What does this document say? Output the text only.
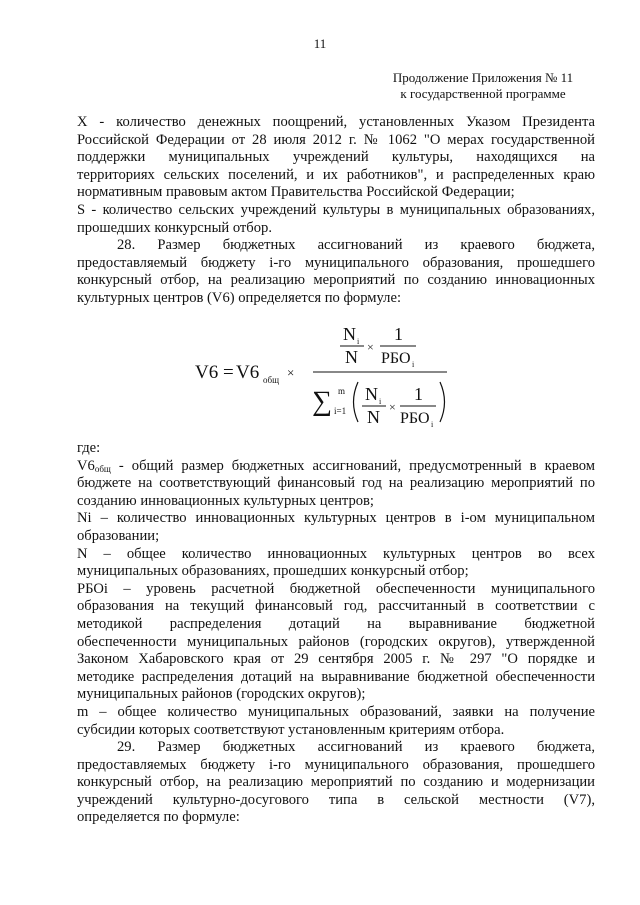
11
Продолжение Приложения № 11
к государственной программе
X - количество денежных поощрений, установленных Указом Президента
Российской Федерации от 28 июля 2012 г. № 1062 "О мерах государственной
поддержки муниципальных учреждений культуры, находящихся на
территориях сельских поселений, и их работников", и распределенных краю
нормативным правовым актом Правительства Российской Федерации;
S - количество сельских учреждений культуры в муниципальных образованиях,
прошедших конкурсный отбор.
28. Размер бюджетных ассигнований из краевого бюджета,
предоставляемый бюджету i-го муниципального образования, прошедшего
конкурсный отбор, на реализацию мероприятий по созданию инновационных
культурных центров (V6) определяется по формуле:
V6 = V6 общ ×
N i
N ×
1
РБО i
∑ m
i=1
N i
N ×
1
РБО i
где:
$V6_{общ}$ - общий размер бюджетных ассигнований, предусмотренный в краевом
бюджете на соответствующий финансовый год на реализацию мероприятий по
созданию инновационных культурных центров;
Ni – количество инновационных культурных центров в i-ом муниципальном
образовании;
N – общее количество инновационных культурных центров во всех
муниципальных образованиях, прошедших конкурсный отбор;
РБОi – уровень расчетной бюджетной обеспеченности муниципального
образования на текущий финансовый год, рассчитанный в соответствии с
методикой распределения дотаций на выравнивание бюджетной
обеспеченности муниципальных районов (городских округов), утвержденной
Законом Хабаровского края от 29 сентября 2005 г. № 297 "О порядке и
методике распределения дотаций на выравнивание бюджетной обеспеченности
муниципальных районов (городских округов);
m – общее количество муниципальных образований, заявки на получение
субсидии которых соответствуют установленным критериям отбора.
29. Размер бюджетных ассигнований из краевого бюджета,
предоставляемых бюджету i-го муниципального образования, прошедшего
конкурсный отбор, на реализацию мероприятий по созданию и модернизации
учреждений культурно-досугового типа в сельской местности (V7),
определяется по формуле:
